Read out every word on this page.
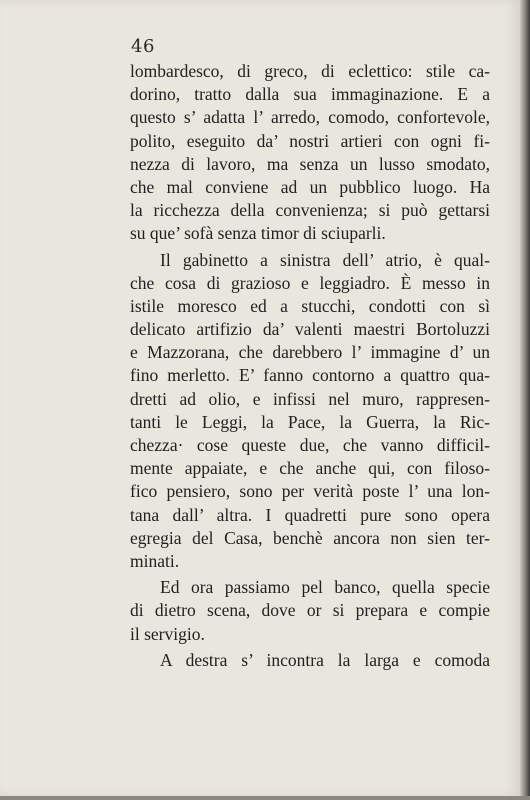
46
lombardesco, di greco, di eclettico: stile ca-
dorino, tratto dalla sua immaginazione. E a
questo s’ adatta l’ arredo, comodo, confortevole,
polito, eseguito da’ nostri artieri con ogni fi-
nezza di lavoro, ma senza un lusso smodato,
che mal conviene ad un pubblico luogo. Ha
la ricchezza della convenienza; si può gettarsi
su que’ sofà senza timor di sciuparli.
Il gabinetto a sinistra dell’ atrio, è qual-
che cosa di grazioso e leggiadro. È messo in
istile moresco ed a stucchi, condotti con sì
delicato artifizio da’ valenti maestri Bortoluzzi
e Mazzorana, che darebbero l’ immagine d’ un
fino merletto. E’ fanno contorno a quattro qua-
dretti ad olio, e infissi nel muro, rappresen-
tanti le Leggi, la Pace, la Guerra, la Ric-
chezza· cose queste due, che vanno difficil-
mente appaiate, e che anche qui, con filoso-
fico pensiero, sono per verità poste l’ una lon-
tana dall’ altra. I quadretti pure sono opera
egregia del Casa, benchè ancora non sien ter-
minati.
Ed ora passiamo pel banco, quella specie
di dietro scena, dove or si prepara e compie
il servigio.
A destra s’ incontra la larga e comoda
